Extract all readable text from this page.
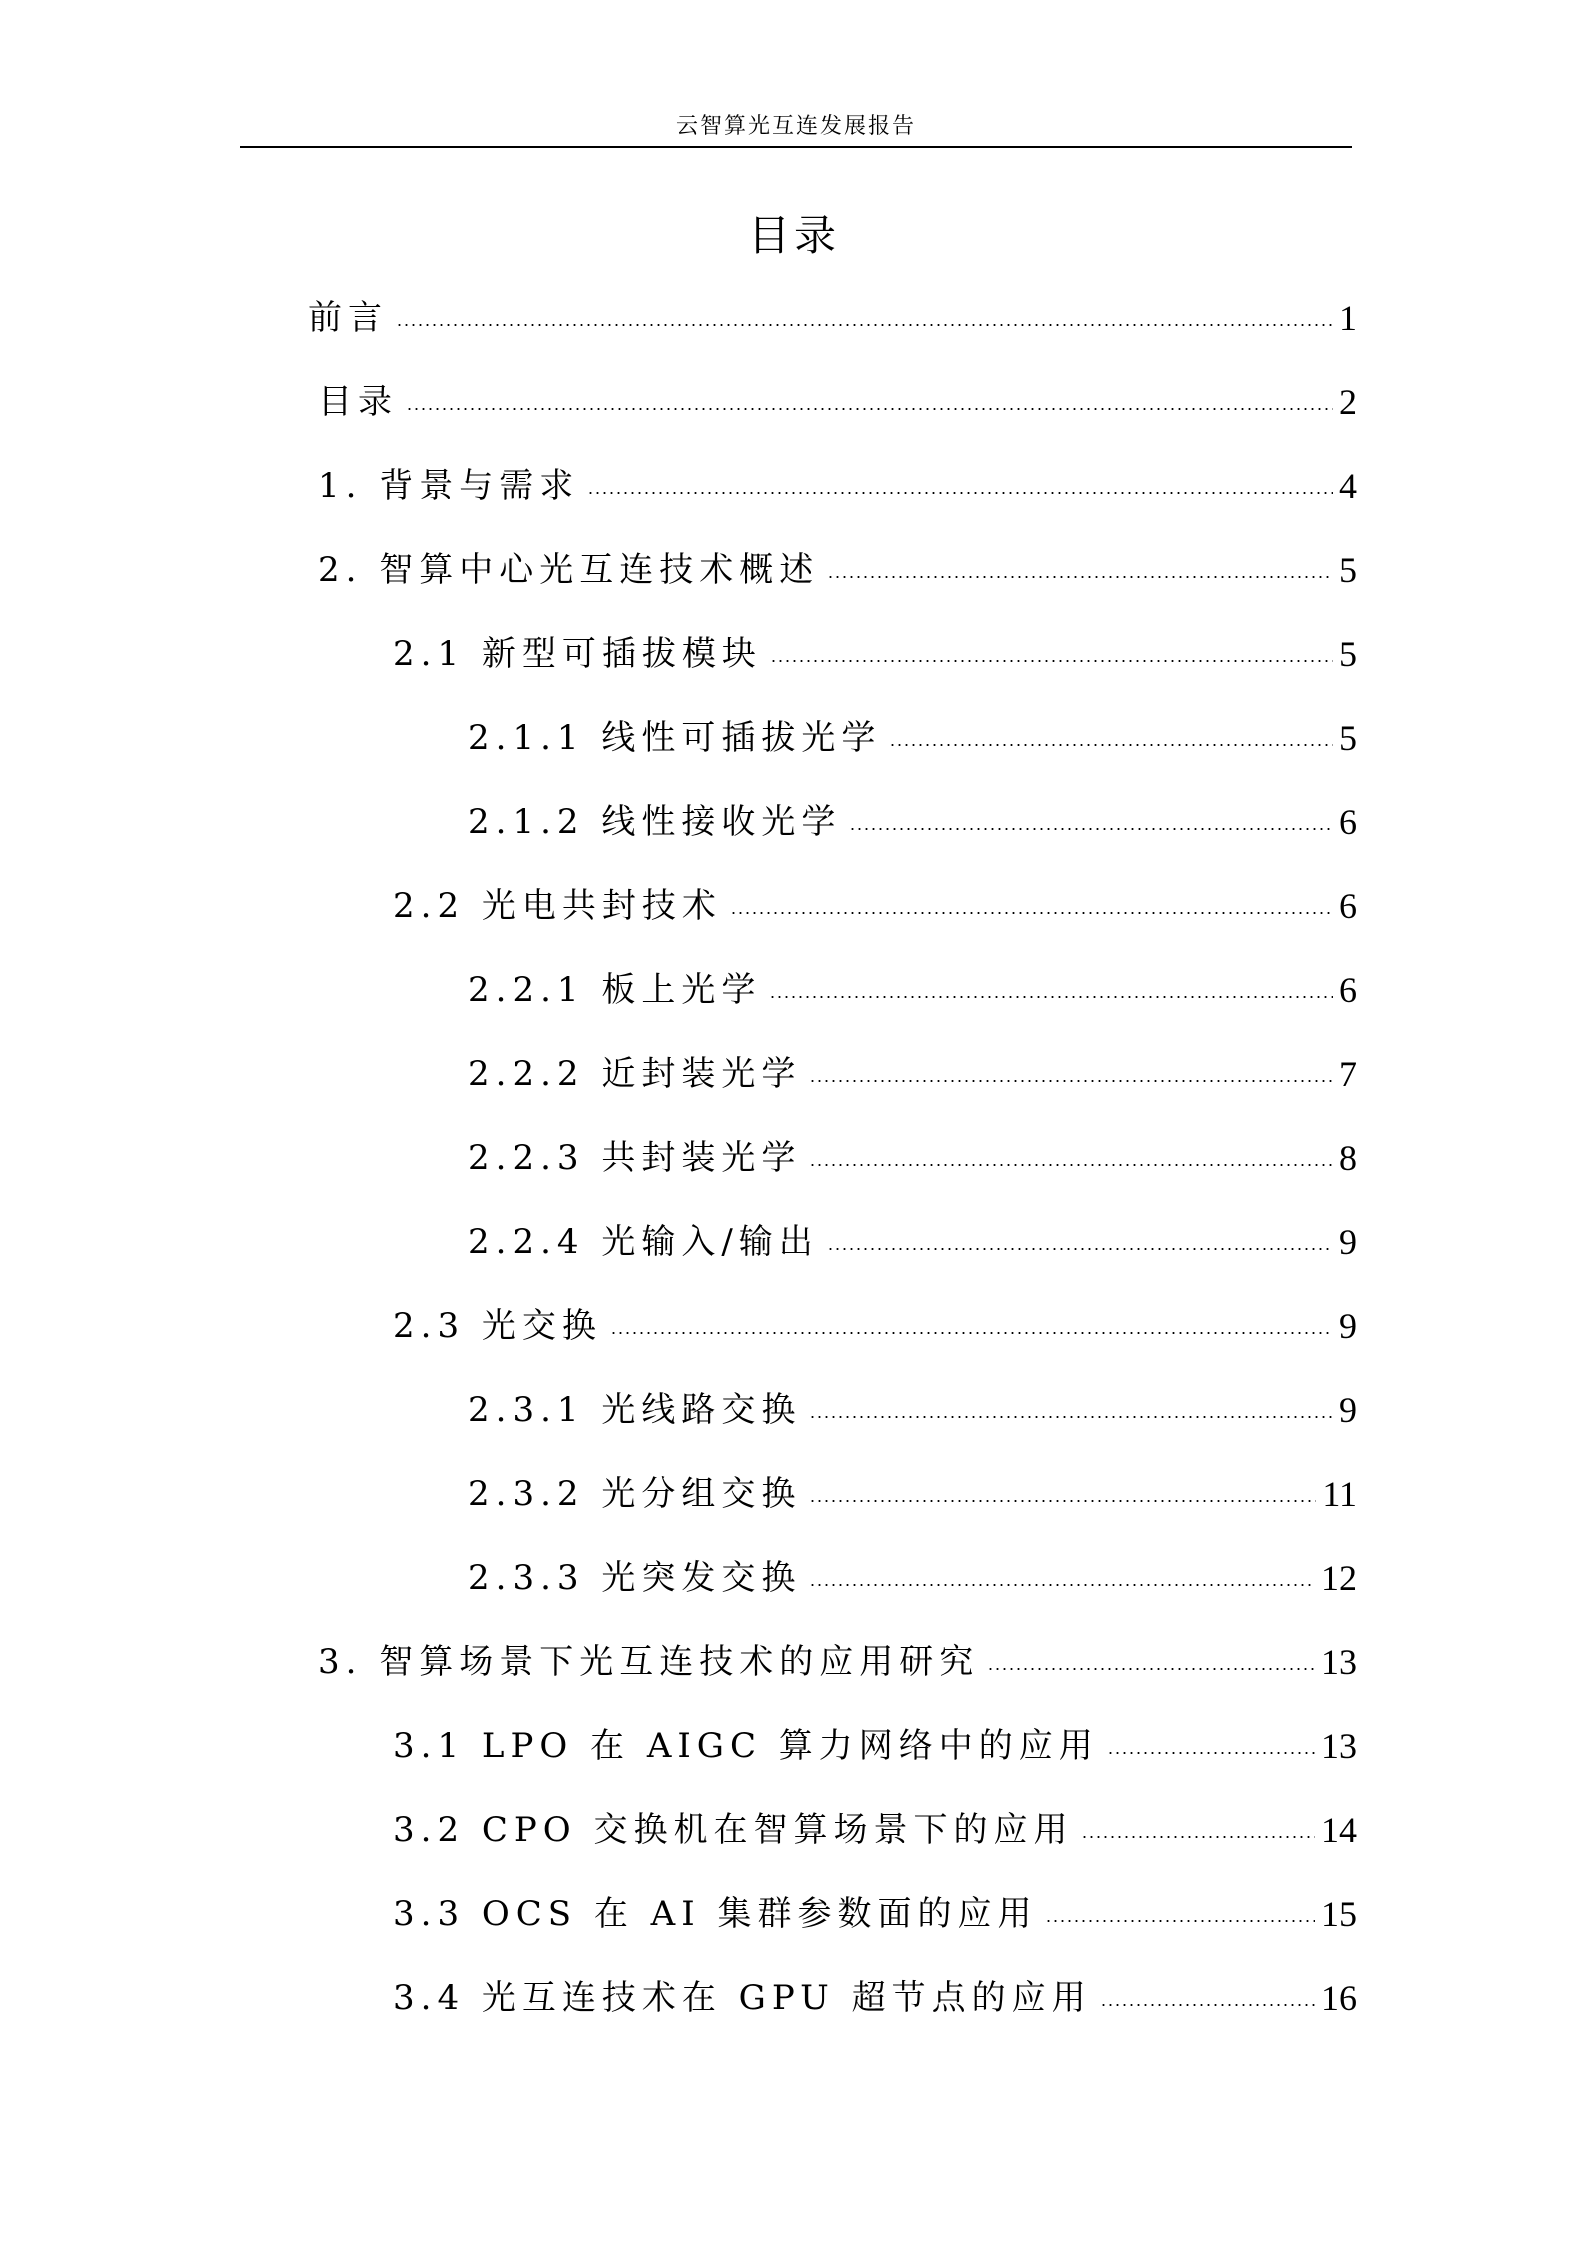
云智算光互连发展报告
目录
前言	1
目录	2
1. 背景与需求	4
2. 智算中心光互连技术概述	5
2.1 新型可插拔模块	5
2.1.1 线性可插拔光学	5
2.1.2 线性接收光学	6
2.2 光电共封技术	6
2.2.1 板上光学	6
2.2.2 近封装光学	7
2.2.3 共封装光学	8
2.2.4 光输入/输出	9
2.3 光交换	9
2.3.1 光线路交换	9
2.3.2 光分组交换	11
2.3.3 光突发交换	12
3. 智算场景下光互连技术的应用研究	13
3.1 LPO 在 AIGC 算力网络中的应用	13
3.2 CPO 交换机在智算场景下的应用	14
3.3 OCS 在 AI 集群参数面的应用	15
3.4 光互连技术在 GPU 超节点的应用	16
